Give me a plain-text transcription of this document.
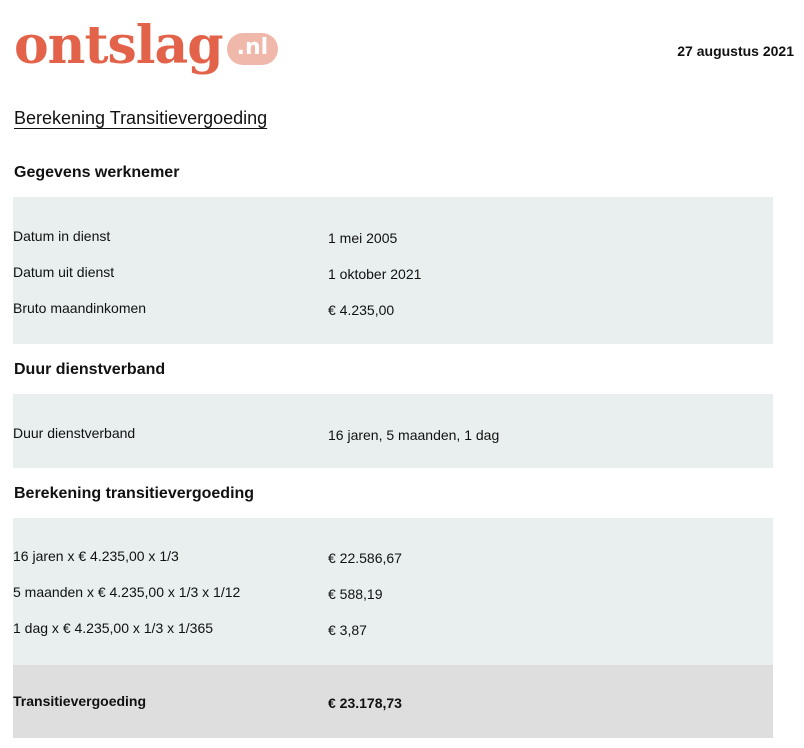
ontslag .nl	27 augustus 2021
Berekening Transitievergoeding
Gegevens werknemer
Datum in dienst	1 mei 2005
Datum uit dienst	1 oktober 2021
Bruto maandinkomen	€ 4.235,00
Duur dienstverband
Duur dienstverband	16 jaren, 5 maanden, 1 dag
Berekening transitievergoeding
16 jaren x € 4.235,00 x 1/3	€ 22.586,67
5 maanden x € 4.235,00 x 1/3 x 1/12	€ 588,19
1 dag x € 4.235,00 x 1/3 x 1/365	€ 3,87
Transitievergoeding	€ 23.178,73
